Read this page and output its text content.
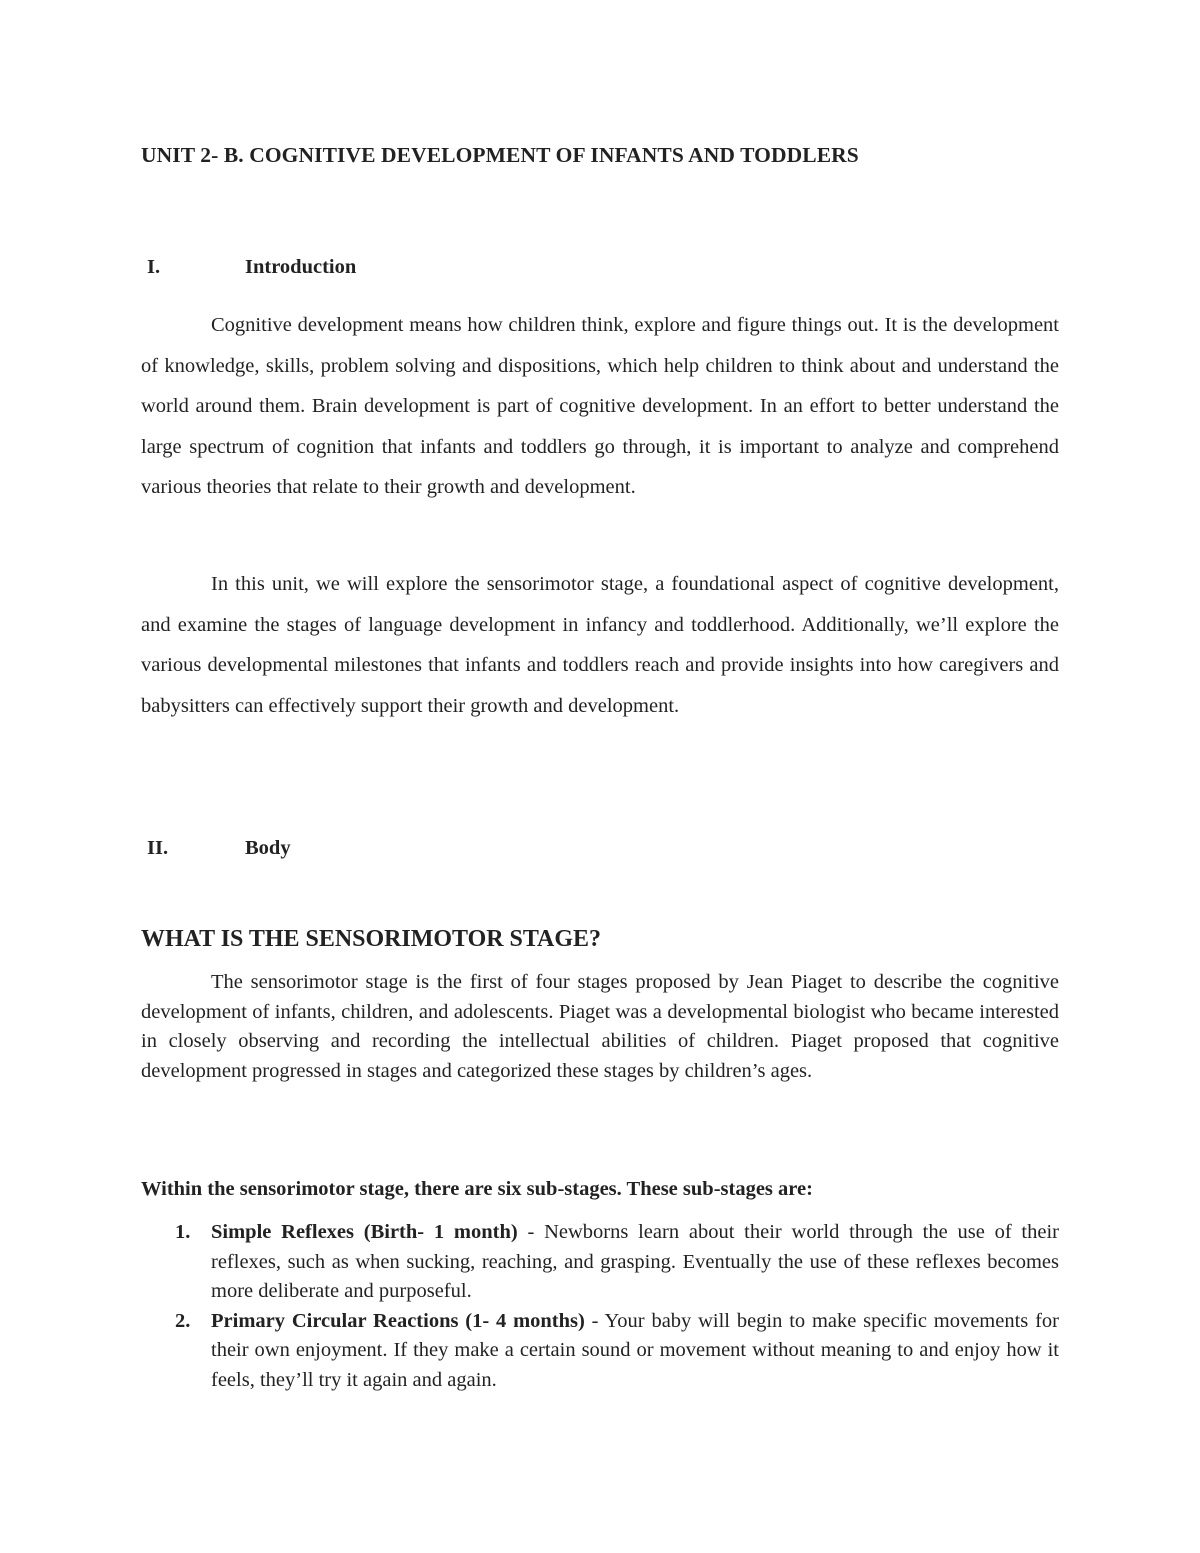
UNIT 2- B. COGNITIVE DEVELOPMENT OF INFANTS AND TODDLERS
I.	Introduction

Cognitive development means how children think, explore and figure things out. It is the development of knowledge, skills, problem solving and dispositions, which help children to think about and understand the world around them. Brain development is part of cognitive development. In an effort to better understand the large spectrum of cognition that infants and toddlers go through, it is important to analyze and comprehend various theories that relate to their growth and development.

In this unit, we will explore the sensorimotor stage, a foundational aspect of cognitive development, and examine the stages of language development in infancy and toddlerhood. Additionally, we’ll explore the various developmental milestones that infants and toddlers reach and provide insights into how caregivers and babysitters can effectively support their growth and development.

II.	Body
WHAT IS THE SENSORIMOTOR STAGE?

The sensorimotor stage is the first of four stages proposed by Jean Piaget to describe the cognitive development of infants, children, and adolescents. Piaget was a developmental biologist who became interested in closely observing and recording the intellectual abilities of children. Piaget proposed that cognitive development progressed in stages and categorized these stages by children’s ages.

Within the sensorimotor stage, there are six sub-stages. These sub-stages are:

1. Simple Reflexes (Birth- 1 month) - Newborns learn about their world through the use of their reflexes, such as when sucking, reaching, and grasping. Eventually the use of these reflexes becomes more deliberate and purposeful.
2. Primary Circular Reactions (1- 4 months) - Your baby will begin to make specific movements for their own enjoyment. If they make a certain sound or movement without meaning to and enjoy how it feels, they’ll try it again and again.
